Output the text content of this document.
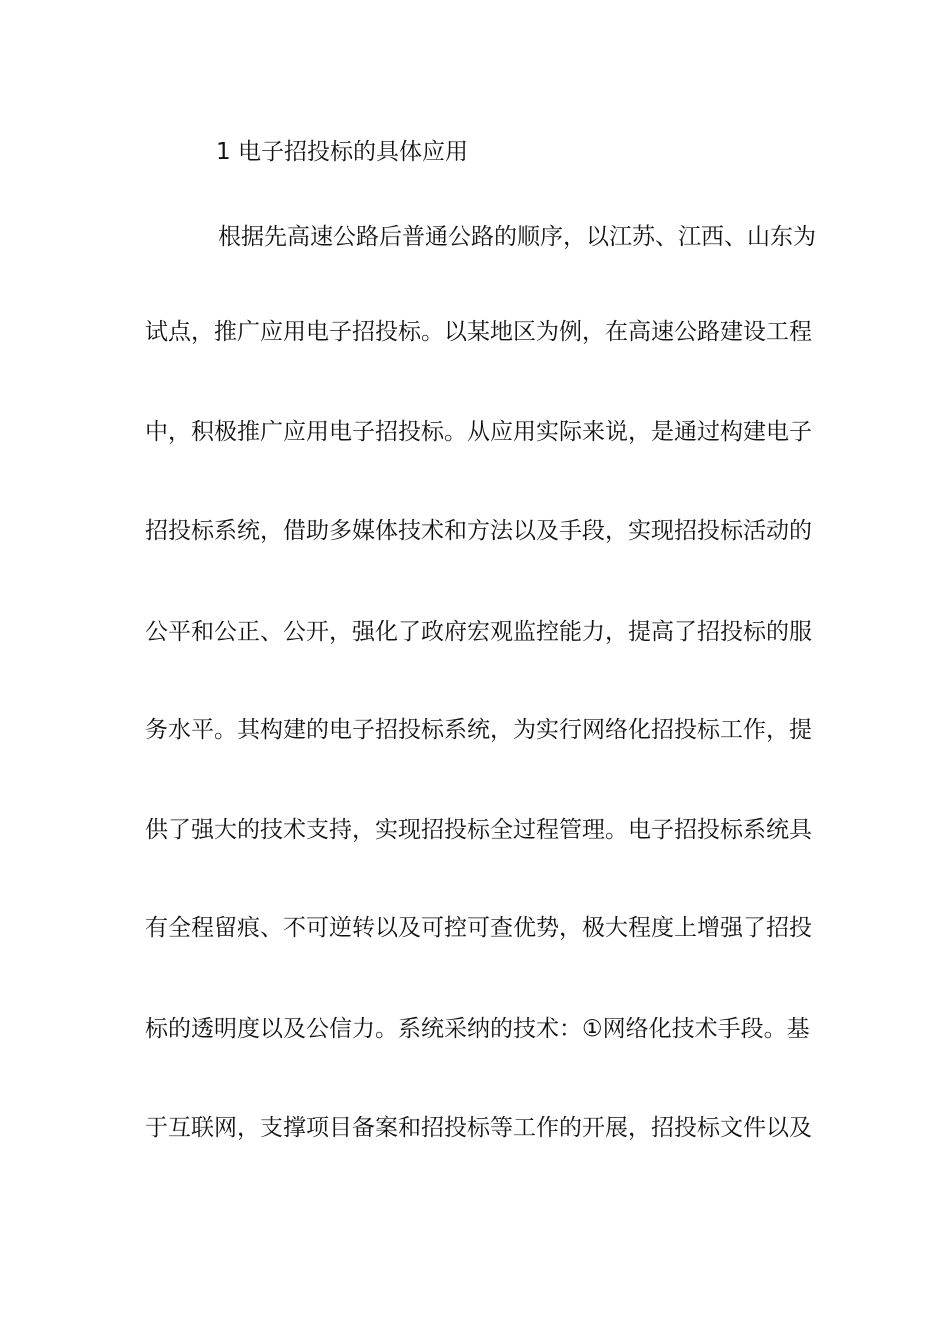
1 电子招投标的具体应用
根据先高速公路后普通公路的顺序，以江苏、江西、山东为
试点，推广应用电子招投标。以某地区为例，在高速公路建设工程
中，积极推广应用电子招投标。从应用实际来说，是通过构建电子
招投标系统，借助多媒体技术和方法以及手段，实现招投标活动的
公平和公正、公开，强化了政府宏观监控能力，提高了招投标的服
务水平。其构建的电子招投标系统，为实行网络化招投标工作，提
供了强大的技术支持，实现招投标全过程管理。电子招投标系统具
有全程留痕、不可逆转以及可控可查优势，极大程度上增强了招投
标的透明度以及公信力。系统采纳的技术：①网络化技术手段。基
于互联网，支撑项目备案和招投标等工作的开展，招投标文件以及
